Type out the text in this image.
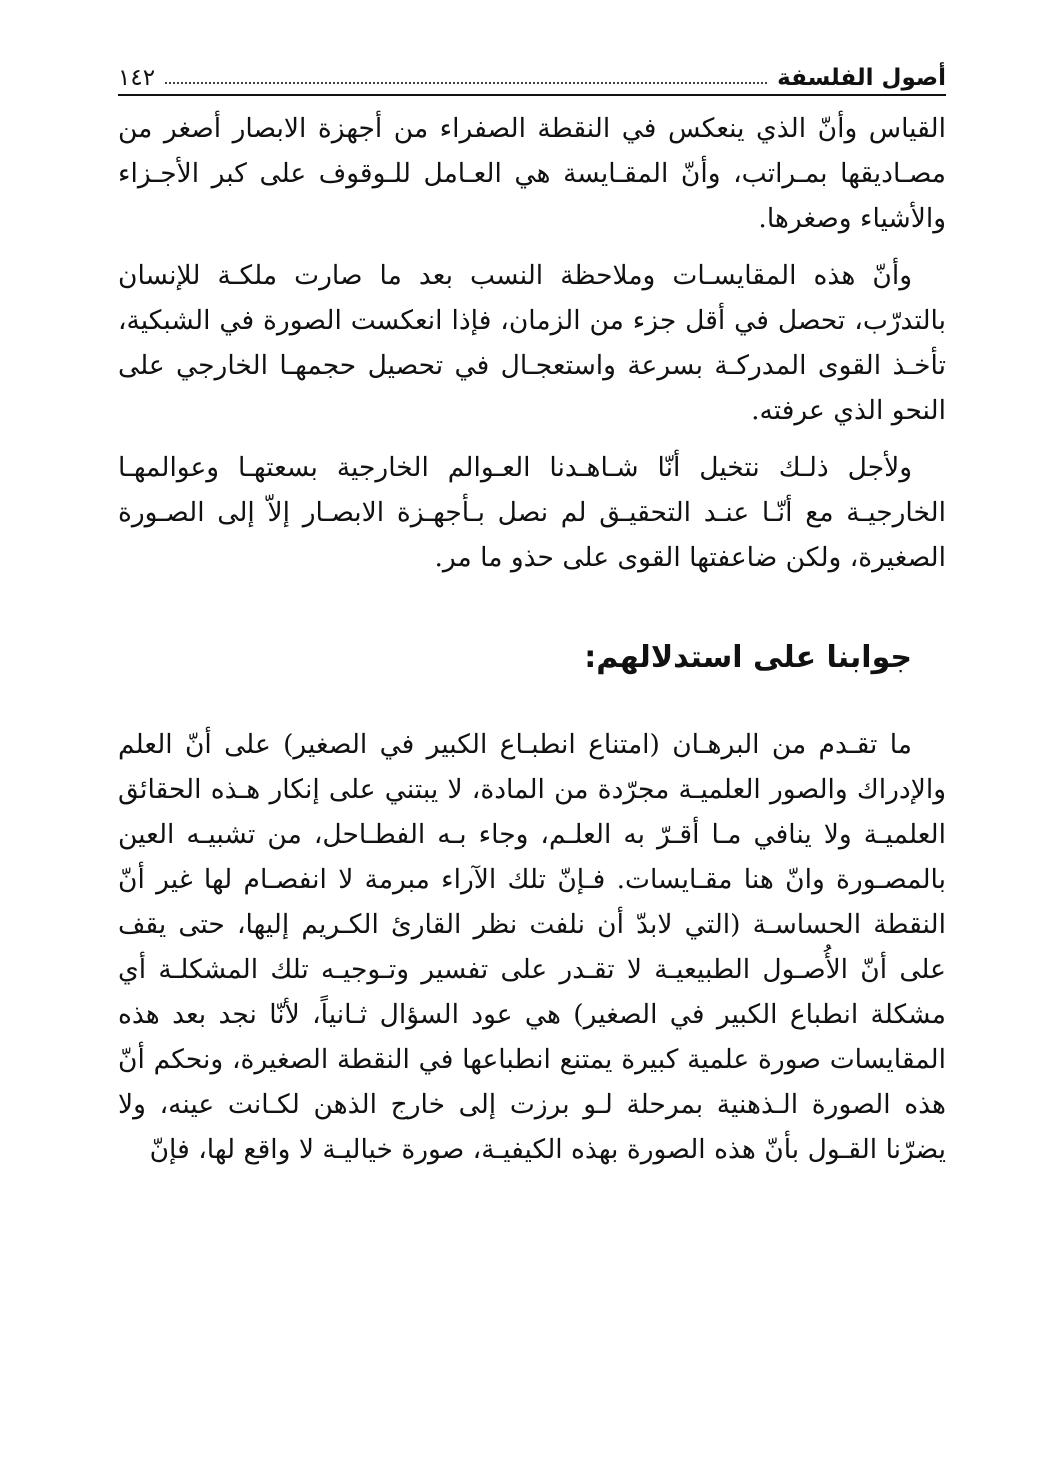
أصول الفلسفة
١٤٢

القياس وأنّ الذي ينعكس في النقطة الصفراء من أجهزة الابصار أصغر من مصـاديقها بمـراتب، وأنّ المقـايسة هي العـامل للـوقوف على كبر الأجـزاء والأشياء وصغرها.

وأنّ هذه المقايسـات وملاحظة النسب بعد ما صارت ملكـة للإنسان بالتدرّب، تحصل في أقل جزء من الزمان، فإذا انعكست الصورة في الشبكية، تأخـذ القوى المدركـة بسرعة واستعجـال في تحصيل حجمهـا الخارجي على النحو الذي عرفته.

ولأجل ذلـك نتخيل أنّا شـاهـدنا العـوالم الخارجية بسعتهـا وعوالمهـا الخارجيـة مع أنّـا عنـد التحقيـق لم نصل بـأجهـزة الابصـار إلاّ إلى الصـورة الصغيرة، ولكن ضاعفتها القوى على حذو ما مر.

جوابنا على استدلالهم:

ما تقـدم من البرهـان (امتناع انطبـاع الكبير في الصغير) على أنّ العلم والإدراك والصور العلميـة مجرّدة من المادة، لا يبتني على إنكار هـذه الحقائق العلميـة ولا ينافي مـا أقـرّ به العلـم، وجاء بـه الفطـاحل، من تشبيـه العين بالمصـورة وانّ هنا مقـايسات. فـإنّ تلك الآراء مبرمة لا انفصـام لها غير أنّ النقطة الحساسـة (التي لابدّ أن نلفت نظر القارئ الكـريم إليها، حتى يقف على أنّ الأُصـول الطبيعيـة لا تقـدر على تفسير وتـوجيـه تلك المشكلـة أي مشكلة انطباع الكبير في الصغير) هي عود السؤال ثـانياً، لأنّا نجد بعد هذه المقايسات صورة علمية كبيرة يمتنع انطباعها في النقطة الصغيرة، ونحكم أنّ هذه الصورة الـذهنية بمرحلة لـو برزت إلى خارج الذهن لكـانت عينه، ولا يضرّنا القـول بأنّ هذه الصورة بهذه الكيفيـة، صورة خياليـة لا واقع لها، فإنّ
